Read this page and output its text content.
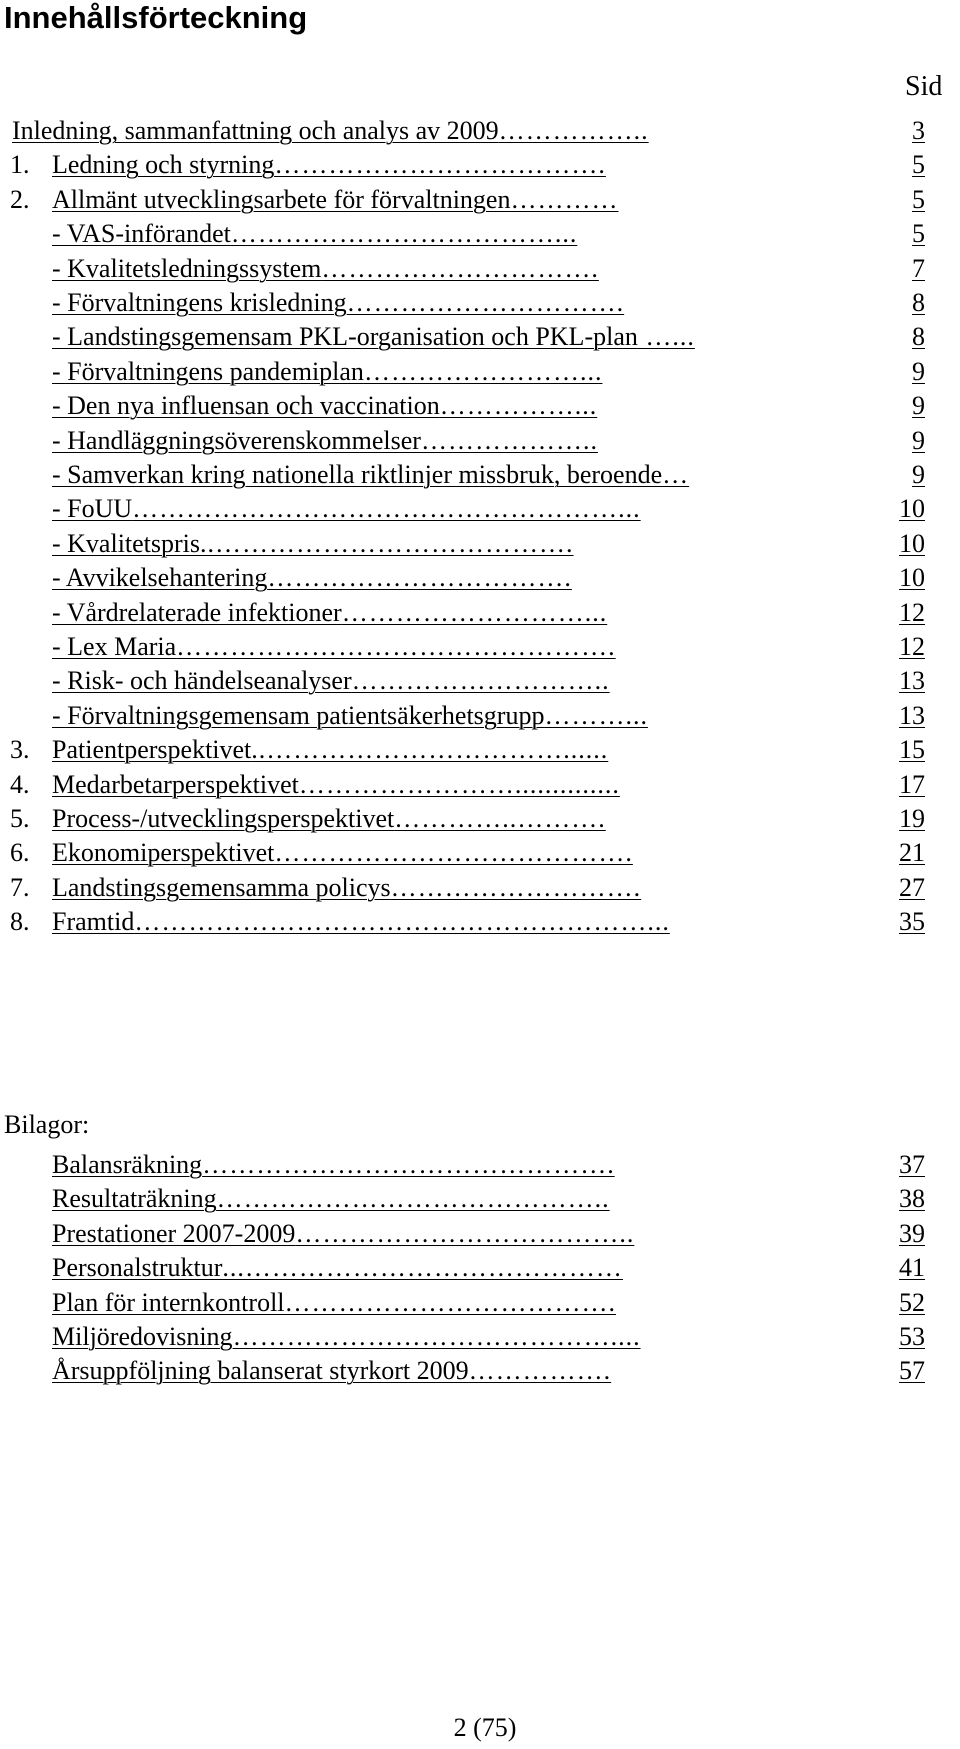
Innehållsförteckning
Sid
Inledning, sammanfattning och analys av 2009……………..	3
1. Ledning och styrning……………………………….	5
2. Allmänt utvecklingsarbete för förvaltningen…………	5
- VAS-införandet………………………………...	5
- Kvalitetsledningssystem………………………….	7
- Förvaltningens krisledning………………………….	8
- Landstingsgemensam PKL-organisation och PKL-plan …...	8
- Förvaltningens pandemiplan……………………...	9
- Den nya influensan och vaccination……………...	9
- Handläggningsöverenskommelser………………..	9
- Samverkan kring nationella riktlinjer missbruk, beroende…	9
- FoUU………………………………………………...	10
- Kvalitetspris..………………………………….	10
- Avvikelsehantering…………………………….	10
- Vårdrelaterade infektioner………………………...	12
- Lex Maria………………………………………….	12
- Risk- och händelseanalyser………………………..	13
- Förvaltningsgemensam patientsäkerhetsgrupp………...	13
3. Patientperspektivet..……………………………......	15
4. Medarbetarperspektivet……………………..............	17
5. Process-/utvecklingsperspektivet…………..……….	19
6. Ekonomiperspektivet………………………………….	21
7. Landstingsgemensamma policys……………………….	27
8. Framtid…………………………………………………...	35
Bilagor:
Balansräkning……………………………………….	37
Resultaträkning……………………………………..	38
Prestationer 2007-2009………………………………..	39
Personalstruktur...……………………………………	41
Plan för internkontroll……………………………….	52
Miljöredovisning……………………………………....	53
Årsuppföljning balanserat styrkort 2009…………….	57
2 (75)
